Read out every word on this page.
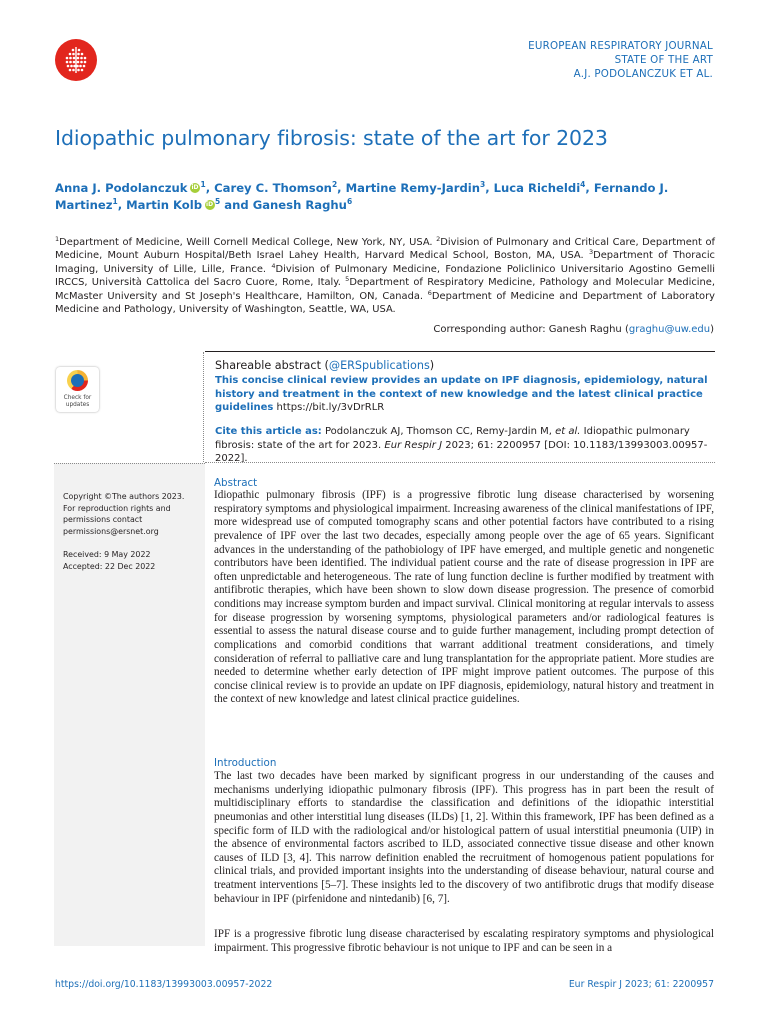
EUROPEAN RESPIRATORY JOURNAL
STATE OF THE ART
A.J. PODOLANCZUK ET AL.
Idiopathic pulmonary fibrosis: state of the art for 2023
Anna J. Podolanczuk iD $^1$, Carey C. Thomson$^2$, Martine Remy-Jardin$^3$, Luca Richeldi$^4$, Fernando J. Martinez$^1$, Martin Kolb iD $^5$ and Ganesh Raghu$^6$
$^1$Department of Medicine, Weill Cornell Medical College, New York, NY, USA. $^2$Division of Pulmonary and Critical Care, Department of Medicine, Mount Auburn Hospital/Beth Israel Lahey Health, Harvard Medical School, Boston, MA, USA. $^3$Department of Thoracic Imaging, University of Lille, Lille, France. $^4$Division of Pulmonary Medicine, Fondazione Policlinico Universitario Agostino Gemelli IRCCS, Università Cattolica del Sacro Cuore, Rome, Italy. $^5$Department of Respiratory Medicine, Pathology and Molecular Medicine, McMaster University and St Joseph's Healthcare, Hamilton, ON, Canada. $^6$Department of Medicine and Department of Laboratory Medicine and Pathology, University of Washington, Seattle, WA, USA.
Corresponding author: Ganesh Raghu (graghu@uw.edu)
Check for
updates
Copyright ©The authors 2023. For reproduction rights and permissions contact permissions@ersnet.org
Received: 9 May 2022
Accepted: 22 Dec 2022
Shareable abstract (@ERSpublications)
This concise clinical review provides an update on IPF diagnosis, epidemiology, natural history and treatment in the context of new knowledge and the latest clinical practice guidelines https://bit.ly/3vDrRLR
Cite this article as: Podolanczuk AJ, Thomson CC, Remy-Jardin M, et al. Idiopathic pulmonary fibrosis: state of the art for 2023. Eur Respir J 2023; 61: 2200957 [DOI: 10.1183/13993003.00957-2022].
Abstract

Idiopathic pulmonary fibrosis (IPF) is a progressive fibrotic lung disease characterised by worsening respiratory symptoms and physiological impairment. Increasing awareness of the clinical manifestations of IPF, more widespread use of computed tomography scans and other potential factors have contributed to a rising prevalence of IPF over the last two decades, especially among people over the age of 65 years. Significant advances in the understanding of the pathobiology of IPF have emerged, and multiple genetic and nongenetic contributors have been identified. The individual patient course and the rate of disease progression in IPF are often unpredictable and heterogeneous. The rate of lung function decline is further modified by treatment with antifibrotic therapies, which have been shown to slow down disease progression. The presence of comorbid conditions may increase symptom burden and impact survival. Clinical monitoring at regular intervals to assess for disease progression by worsening symptoms, physiological parameters and/or radiological features is essential to assess the natural disease course and to guide further management, including prompt detection of complications and comorbid conditions that warrant additional treatment considerations, and timely consideration of referral to palliative care and lung transplantation for the appropriate patient. More studies are needed to determine whether early detection of IPF might improve patient outcomes. The purpose of this concise clinical review is to provide an update on IPF diagnosis, epidemiology, natural history and treatment in the context of new knowledge and latest clinical practice guidelines.

Introduction

The last two decades have been marked by significant progress in our understanding of the causes and mechanisms underlying idiopathic pulmonary fibrosis (IPF). This progress has in part been the result of multidisciplinary efforts to standardise the classification and definitions of the idiopathic interstitial pneumonias and other interstitial lung diseases (ILDs) [1, 2]. Within this framework, IPF has been defined as a specific form of ILD with the radiological and/or histological pattern of usual interstitial pneumonia (UIP) in the absence of environmental factors ascribed to ILD, associated connective tissue disease and other known causes of ILD [3, 4]. This narrow definition enabled the recruitment of homogenous patient populations for clinical trials, and provided important insights into the understanding of disease behaviour, natural course and treatment interventions [5–7]. These insights led to the discovery of two antifibrotic drugs that modify disease behaviour in IPF (pirfenidone and nintedanib) [6, 7].

IPF is a progressive fibrotic lung disease characterised by escalating respiratory symptoms and physiological impairment. This progressive fibrotic behaviour is not unique to IPF and can be seen in a

https://doi.org/10.1183/13993003.00957-2022	Eur Respir J 2023; 61: 2200957
